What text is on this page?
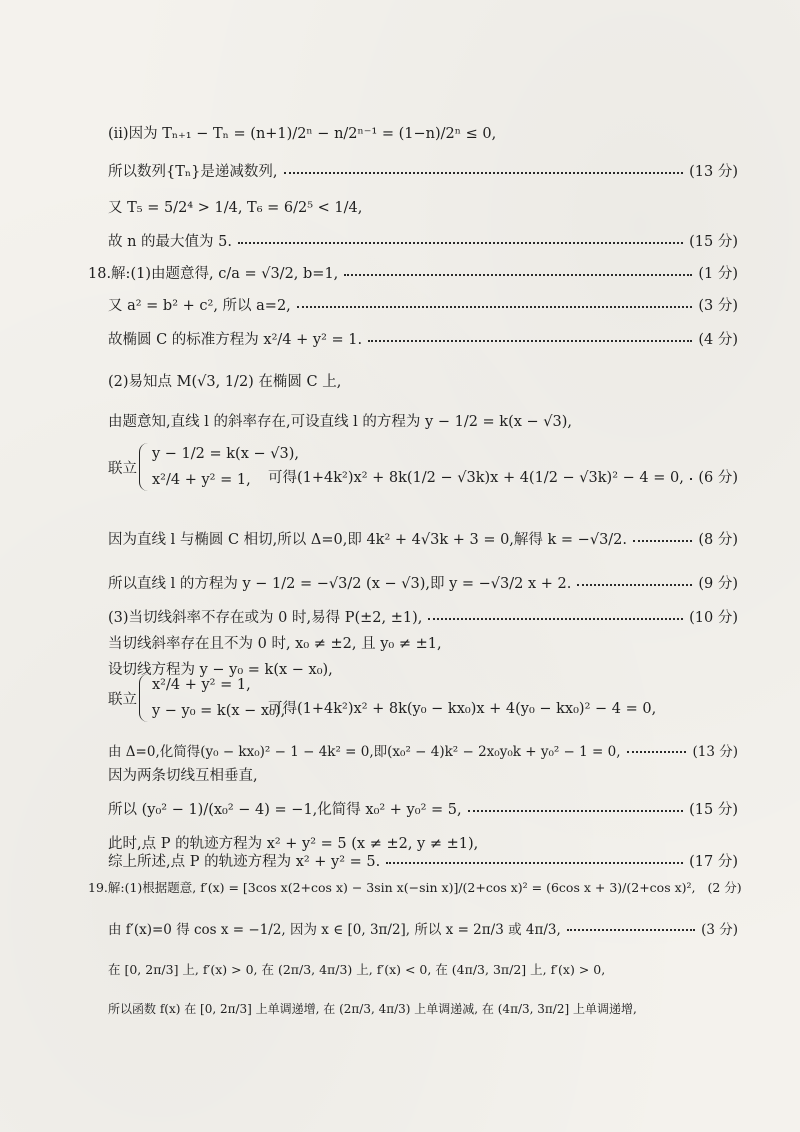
(ii)因为 Tₙ₊₁ − Tₙ = (n+1)/2ⁿ − n/2ⁿ⁻¹ = (1−n)/2ⁿ ≤ 0,
所以数列{Tₙ}是递减数列,	(13 分)
又 T₅ = 5/2⁴ > 1/4, T₆ = 6/2⁵ < 1/4,
故 n 的最大值为 5.	(15 分)
18.解:(1)由题意得, c/a = √3/2, b=1,	(1 分)
又 a² = b² + c², 所以 a=2,	(3 分)
故椭圆 C 的标准方程为 x²/4 + y² = 1.	(4 分)
(2)易知点 M(√3, 1/2) 在椭圆 C 上,
由题意知,直线 l 的斜率存在,可设直线 l 的方程为 y − 1/2 = k(x − √3),
联立
y − 1/2 = k(x − √3),
x²/4 + y² = 1,	可得(1+4k²)x² + 8k(1/2 − √3k)x + 4(1/2 − √3k)² − 4 = 0, (6 分)
因为直线 l 与椭圆 C 相切,所以 Δ=0,即 4k² + 4√3k + 3 = 0,解得 k = −√3/2.	(8 分)
所以直线 l 的方程为 y − 1/2 = −√3/2 (x − √3),即 y = −√3/2 x + 2.	(9 分)
(3)当切线斜率不存在或为 0 时,易得 P(±2, ±1),	(10 分)
当切线斜率存在且不为 0 时, x₀ ≠ ±2, 且 y₀ ≠ ±1,
设切线方程为 y − y₀ = k(x − x₀),
联立
x²/4 + y² = 1,
y − y₀ = k(x − x₀),
可得(1+4k²)x² + 8k(y₀ − kx₀)x + 4(y₀ − kx₀)² − 4 = 0,
由 Δ=0,化简得(y₀ − kx₀)² − 1 − 4k² = 0,即(x₀² − 4)k² − 2x₀y₀k + y₀² − 1 = 0,	(13 分)
因为两条切线互相垂直,
所以 (y₀² − 1)/(x₀² − 4) = −1,化简得 x₀² + y₀² = 5,	(15 分)
此时,点 P 的轨迹方程为 x² + y² = 5 (x ≠ ±2, y ≠ ±1),
综上所述,点 P 的轨迹方程为 x² + y² = 5.	(17 分)
19.解:(1)根据题意, f′(x) = [3cos x(2+cos x) − 3sin x(−sin x)]/(2+cos x)² = (6cos x + 3)/(2+cos x)², (2 分)
由 f′(x)=0 得 cos x = −1/2, 因为 x ∈ [0, 3π/2], 所以 x = 2π/3 或 4π/3,	(3 分)
在 [0, 2π/3] 上, f′(x) > 0, 在 (2π/3, 4π/3) 上, f′(x) < 0, 在 (4π/3, 3π/2] 上, f′(x) > 0,
所以函数 f(x) 在 [0, 2π/3] 上单调递增, 在 (2π/3, 4π/3) 上单调递减, 在 (4π/3, 3π/2] 上单调递增,
